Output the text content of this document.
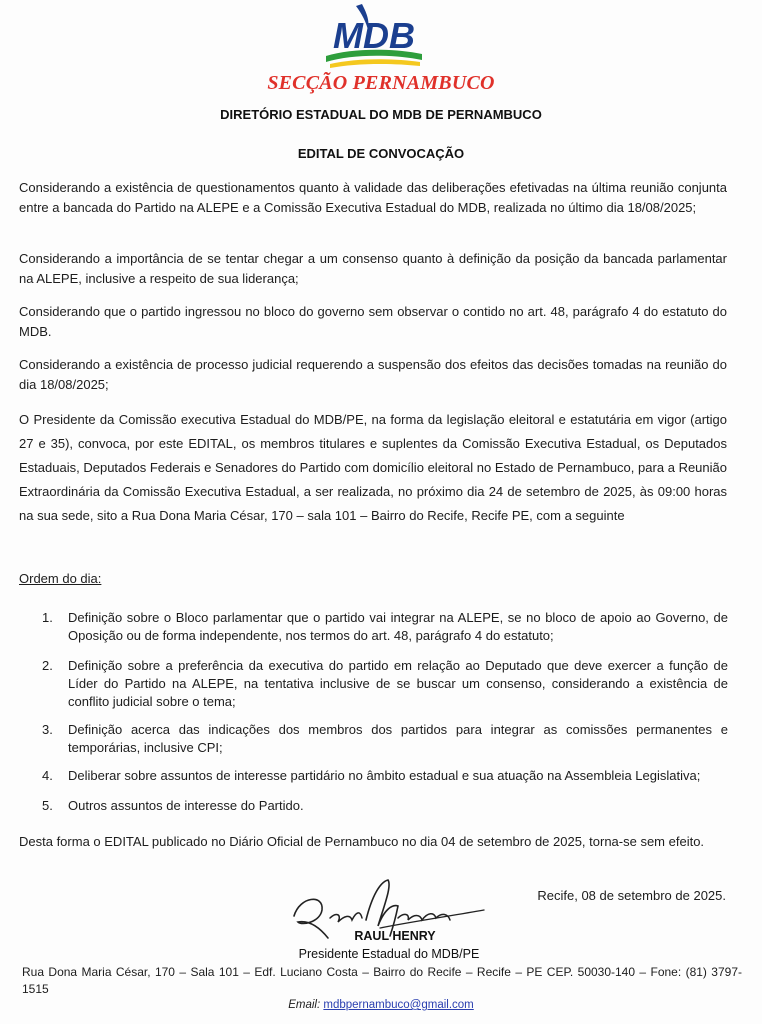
MDB
SECÇÃO PERNAMBUCO
DIRETÓRIO ESTADUAL DO MDB DE PERNAMBUCO
EDITAL DE CONVOCAÇÃO
Considerando a existência de questionamentos quanto à validade das deliberações efetivadas na última reunião conjunta entre a bancada do Partido na ALEPE e a Comissão Executiva Estadual do MDB, realizada no último dia 18/08/2025;
Considerando a importância de se tentar chegar a um consenso quanto à definição da posição da bancada parlamentar na ALEPE, inclusive a respeito de sua liderança;
Considerando que o partido ingressou no bloco do governo sem observar o contido no art. 48, parágrafo 4 do estatuto do MDB.
Considerando a existência de processo judicial requerendo a suspensão dos efeitos das decisões tomadas na reunião do dia 18/08/2025;
O Presidente da Comissão executiva Estadual do MDB/PE, na forma da legislação eleitoral e estatutária em vigor (artigo 27 e 35), convoca, por este EDITAL, os membros titulares e suplentes da Comissão Executiva Estadual, os Deputados Estaduais, Deputados Federais e Senadores do Partido com domicílio eleitoral no Estado de Pernambuco, para a Reunião Extraordinária da Comissão Executiva Estadual, a ser realizada, no próximo dia 24 de setembro de 2025, às 09:00 horas na sua sede, sito a Rua Dona Maria César, 170 – sala 101 – Bairro do Recife, Recife PE, com a seguinte
Ordem do dia:
1.	Definição sobre o Bloco parlamentar que o partido vai integrar na ALEPE, se no bloco de apoio ao Governo, de Oposição ou de forma independente, nos termos do art. 48, parágrafo 4 do estatuto;
2.	Definição sobre a preferência da executiva do partido em relação ao Deputado que deve exercer a função de Líder do Partido na ALEPE, na tentativa inclusive de se buscar um consenso, considerando a existência de conflito judicial sobre o tema;
3.	Definição acerca das indicações dos membros dos partidos para integrar as comissões permanentes e temporárias, inclusive CPI;
4.	Deliberar sobre assuntos de interesse partidário no âmbito estadual e sua atuação na Assembleia Legislativa;
5.	Outros assuntos de interesse do Partido.
Desta forma o EDITAL publicado no Diário Oficial de Pernambuco no dia 04 de setembro de 2025, torna-se sem efeito.
Recife, 08 de setembro de 2025.
RAUL HENRY
Presidente Estadual do MDB/PE
Rua Dona Maria César, 170 – Sala 101 – Edf. Luciano Costa – Bairro do Recife – Recife – PE CEP. 50030-140 – Fone: (81) 3797-1515
Email: mdbpernambuco@gmail.com
